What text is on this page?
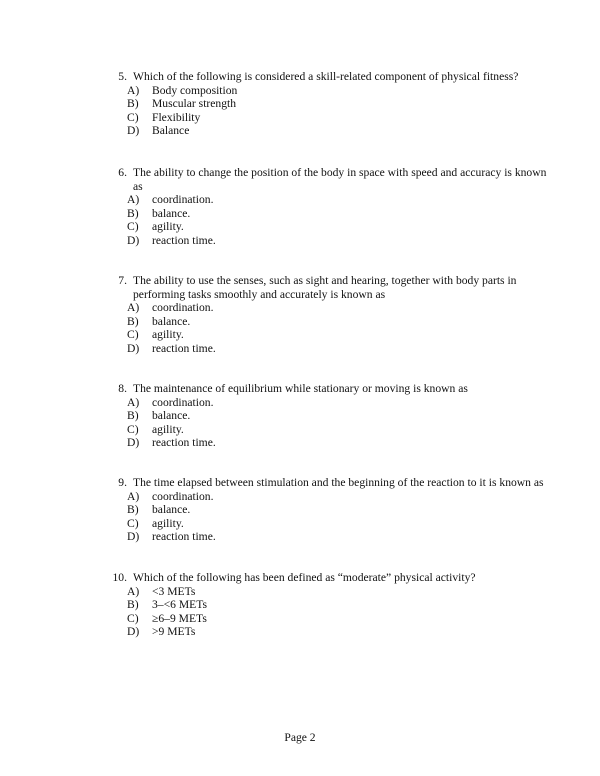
5. Which of the following is considered a skill-related component of physical fitness?
A)	Body composition
B)	Muscular strength
C)	Flexibility
D)	Balance
6. The ability to change the position of the body in space with speed and accuracy is known as
A)	coordination.
B)	balance.
C)	agility.
D)	reaction time.
7. The ability to use the senses, such as sight and hearing, together with body parts in performing tasks smoothly and accurately is known as
A)	coordination.
B)	balance.
C)	agility.
D)	reaction time.
8. The maintenance of equilibrium while stationary or moving is known as
A)	coordination.
B)	balance.
C)	agility.
D)	reaction time.
9. The time elapsed between stimulation and the beginning of the reaction to it is known as
A)	coordination.
B)	balance.
C)	agility.
D)	reaction time.
10. Which of the following has been defined as “moderate” physical activity?
A)	<3 METs
B)	3–<6 METs
C)	≥6–9 METs
D)	>9 METs
Page 2
